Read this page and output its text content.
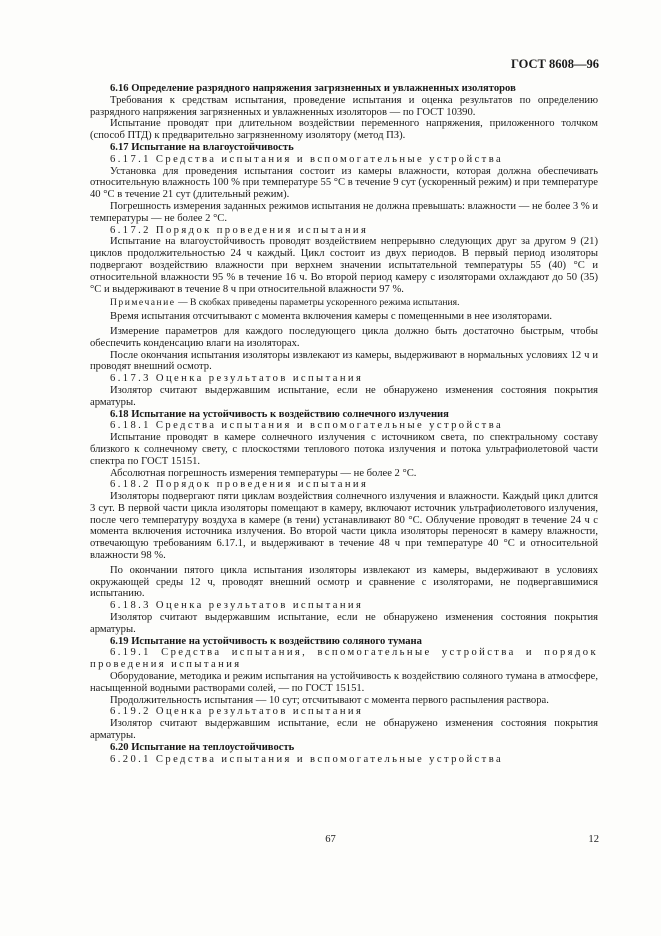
ГОСТ 8608—96

6.16 Определение разрядного напряжения загрязненных и увлажненных изоляторов

Требования к средствам испытания, проведение испытания и оценка результатов по определению разрядного напряжения загрязненных и увлажненных изоляторов — по ГОСТ 10390.

Испытание проводят при длительном воздействии переменного напряжения, приложенного толчком (способ ПТД) к предварительно загрязненному изолятору (метод ПЗ).

6.17 Испытание на влагоустойчивость

6.17.1 Средства испытания и вспомогательные устройства

Установка для проведения испытания состоит из камеры влажности, которая должна обеспечивать относительную влажность 100 % при температуре 55 °С в течение 9 сут (ускоренный режим) и при температуре 40 °С в течение 21 сут (длительный режим).

Погрешность измерения заданных режимов испытания не должна превышать: влажности — не более 3 % и температуры — не более 2 °С.

6.17.2 Порядок проведения испытания

Испытание на влагоустойчивость проводят воздействием непрерывно следующих друг за другом 9 (21) циклов продолжительностью 24 ч каждый. Цикл состоит из двух периодов. В первый период изоляторы подвергают воздействию влажности при верхнем значении испытательной температуры 55 (40) °С и относительной влажности 95 % в течение 16 ч. Во второй период камеру с изоляторами охлаждают до 50 (35) °С и выдерживают в течение 8 ч при относительной влажности 97 %.

Примечание — В скобках приведены параметры ускоренного режима испытания.

Время испытания отсчитывают с момента включения камеры с помещенными в нее изоляторами.

Измерение параметров для каждого последующего цикла должно быть достаточно быстрым, чтобы обеспечить конденсацию влаги на изоляторах.

После окончания испытания изоляторы извлекают из камеры, выдерживают в нормальных условиях 12 ч и проводят внешний осмотр.

6.17.3 Оценка результатов испытания

Изолятор считают выдержавшим испытание, если не обнаружено изменения состояния покрытия арматуры.

6.18 Испытание на устойчивость к воздействию солнечного излучения

6.18.1 Средства испытания и вспомогательные устройства

Испытание проводят в камере солнечного излучения с источником света, по спектральному составу близкого к солнечному свету, с плоскостями теплового потока излучения и потока ультрафиолетовой части спектра по ГОСТ 15151.

Абсолютная погрешность измерения температуры — не более 2 °С.

6.18.2 Порядок проведения испытания

Изоляторы подвергают пяти циклам воздействия солнечного излучения и влажности. Каждый цикл длится 3 сут. В первой части цикла изоляторы помещают в камеру, включают источник ультрафиолетового излучения, после чего температуру воздуха в камере (в тени) устанавливают 80 °С. Облучение проводят в течение 24 ч с момента включения источника излучения. Во второй части цикла изоляторы переносят в камеру влажности, отвечающую требованиям 6.17.1, и выдерживают в течение 48 ч при температуре 40 °С и относительной влажности 98 %.

По окончании пятого цикла испытания изоляторы извлекают из камеры, выдерживают в условиях окружающей среды 12 ч, проводят внешний осмотр и сравнение с изоляторами, не подвергавшимися испытанию.

6.18.3 Оценка результатов испытания

Изолятор считают выдержавшим испытание, если не обнаружено изменения состояния покрытия арматуры.

6.19 Испытание на устойчивость к воздействию соляного тумана

6.19.1 Средства испытания, вспомогательные устройства и порядок проведения испытания

Оборудование, методика и режим испытания на устойчивость к воздействию соляного тумана в атмосфере, насыщенной водными растворами солей, — по ГОСТ 15151.

Продолжительность испытания — 10 сут; отсчитывают с момента первого распыления раствора.

6.19.2 Оценка результатов испытания

Изолятор считают выдержавшим испытание, если не обнаружено изменения состояния покрытия арматуры.

6.20 Испытание на теплоустойчивость

6.20.1 Средства испытания и вспомогательные устройства

67	12
